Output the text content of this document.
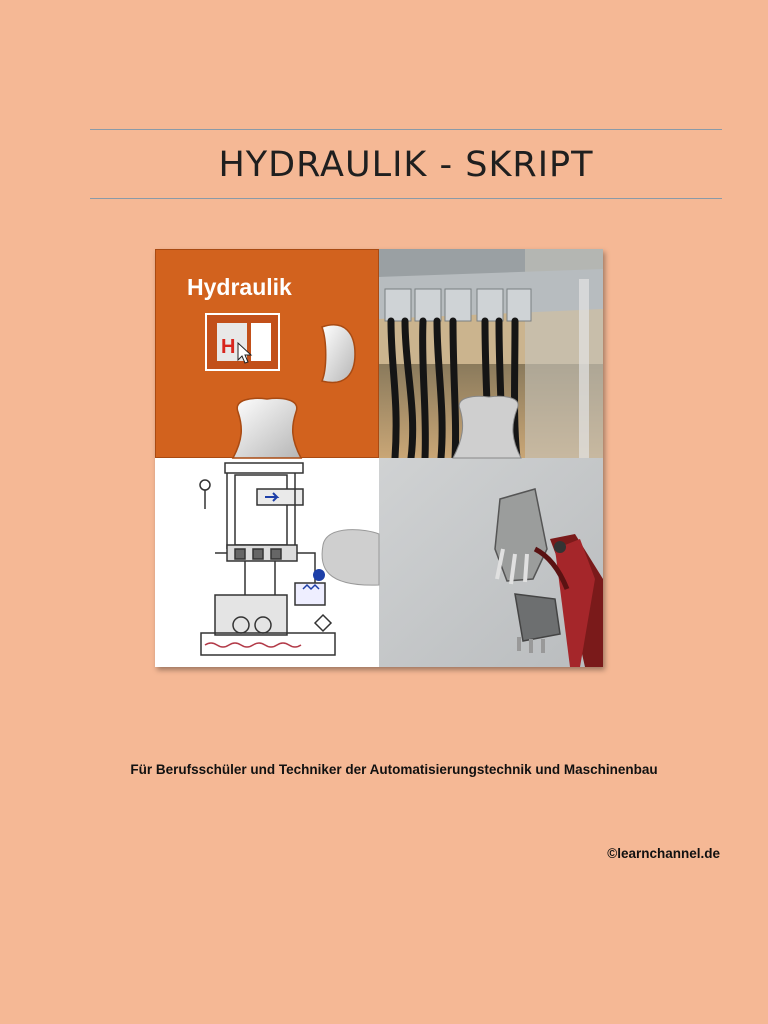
HYDRAULIK - SKRIPT
Hydraulik
H

Für Berufsschüler und Techniker der Automatisierungstechnik und Maschinenbau

©learnchannel.de
